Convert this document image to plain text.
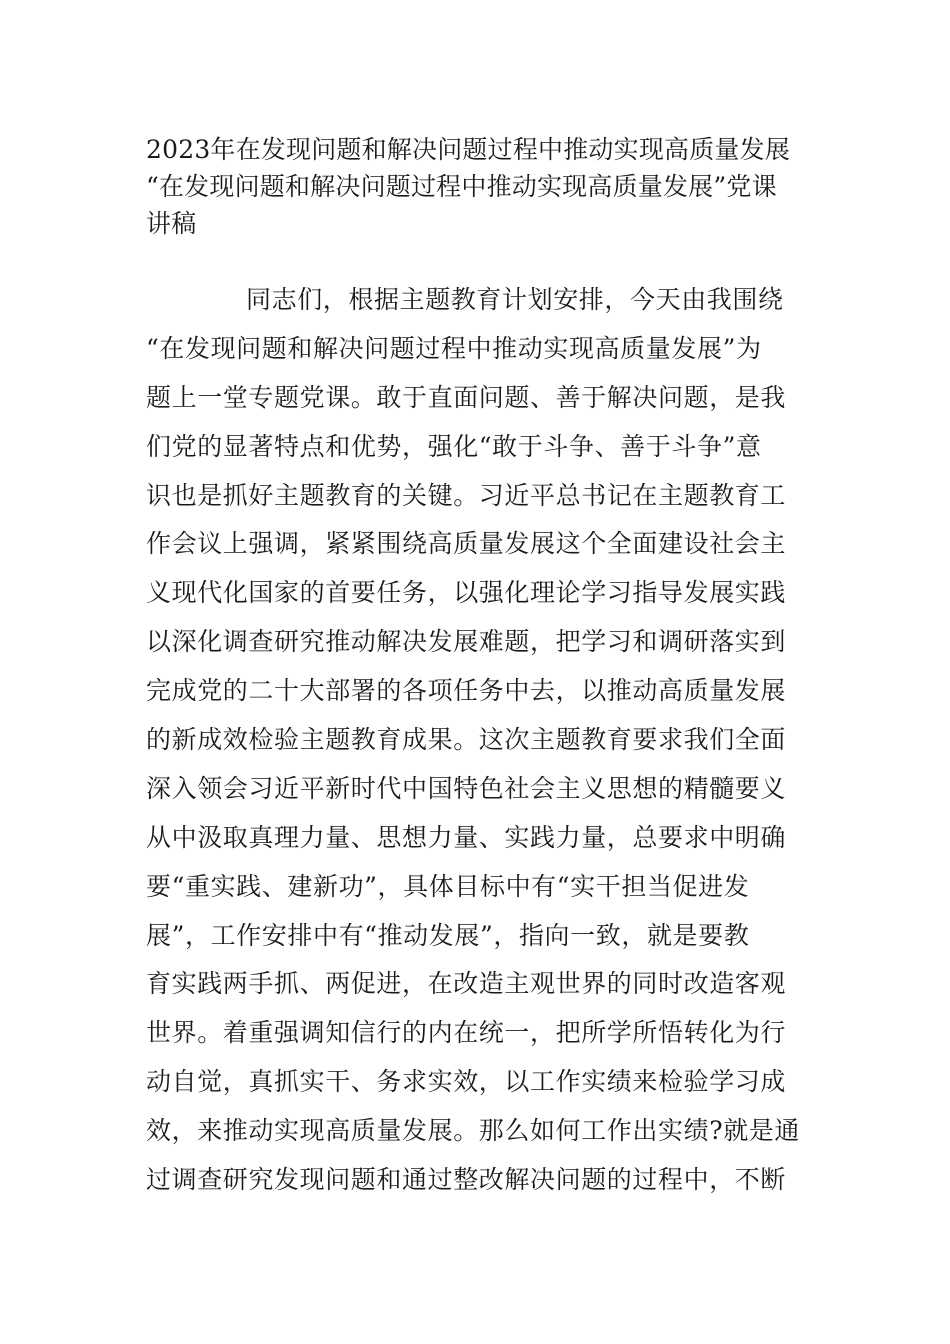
2023年在发现问题和解决问题过程中推动实现高质量发展
“在发现问题和解决问题过程中推动实现高质量发展”党课
讲稿
同志们，根据主题教育计划安排，今天由我围绕
“在发现问题和解决问题过程中推动实现高质量发展”为
题上一堂专题党课。敢于直面问题、善于解决问题，是我
们党的显著特点和优势，强化“敢于斗争、善于斗争”意
识也是抓好主题教育的关键。习近平总书记在主题教育工
作会议上强调，紧紧围绕高质量发展这个全面建设社会主
义现代化国家的首要任务，以强化理论学习指导发展实践
以深化调查研究推动解决发展难题，把学习和调研落实到
完成党的二十大部署的各项任务中去，以推动高质量发展
的新成效检验主题教育成果。这次主题教育要求我们全面
深入领会习近平新时代中国特色社会主义思想的精髓要义
从中汲取真理力量、思想力量、实践力量，总要求中明确
要“重实践、建新功”，具体目标中有“实干担当促进发
展”，工作安排中有“推动发展”，指向一致，就是要教
育实践两手抓、两促进，在改造主观世界的同时改造客观
世界。着重强调知信行的内在统一，把所学所悟转化为行
动自觉，真抓实干、务求实效，以工作实绩来检验学习成
效，来推动实现高质量发展。那么如何工作出实绩?就是通
过调查研究发现问题和通过整改解决问题的过程中，不断
